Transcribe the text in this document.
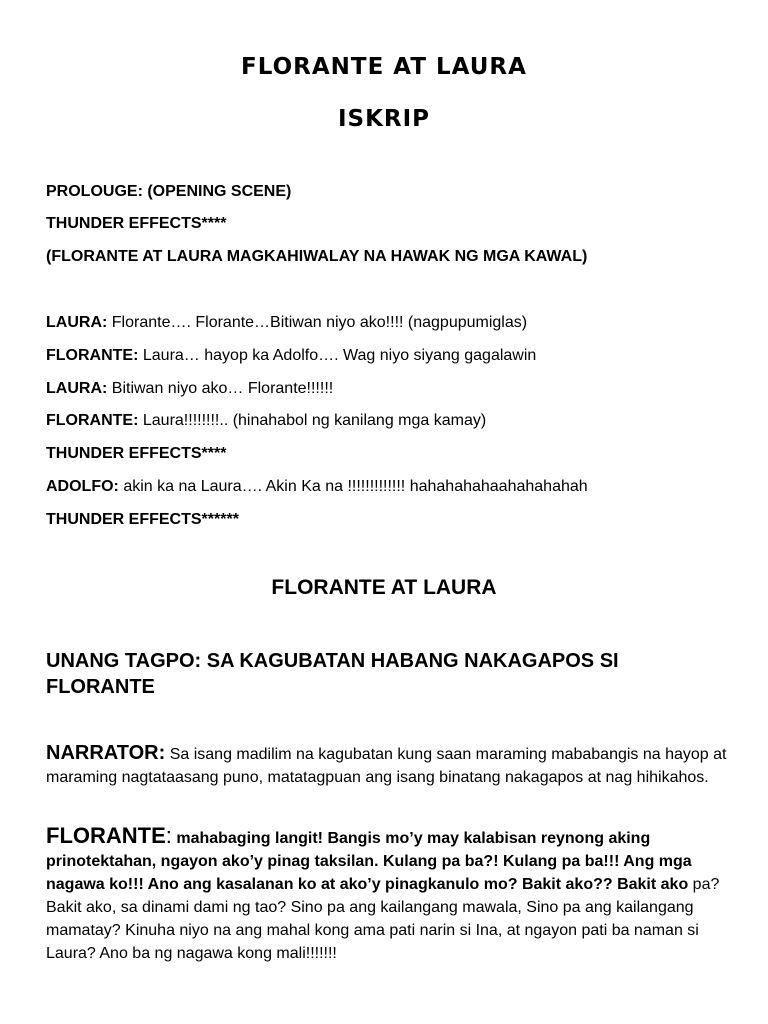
FLORANTE AT LAURA
ISKRIP
PROLOUGE: (OPENING SCENE)
THUNDER EFFECTS****
(FLORANTE AT LAURA MAGKAHIWALAY NA HAWAK NG MGA KAWAL)
LAURA: Florante…. Florante…Bitiwan niyo ako!!!! (nagpupumiglas)
FLORANTE: Laura… hayop ka Adolfo…. Wag niyo siyang gagalawin
LAURA: Bitiwan niyo ako… Florante!!!!!!
FLORANTE: Laura!!!!!!!!.. (hinahabol ng kanilang mga kamay)
THUNDER EFFECTS****
ADOLFO: akin ka na Laura…. Akin Ka na !!!!!!!!!!!!! hahahahahaahahahahah
THUNDER EFFECTS******
FLORANTE AT LAURA
UNANG TAGPO: SA KAGUBATAN HABANG NAKAGAPOS SI FLORANTE
NARRATOR: Sa isang madilim na kagubatan kung saan maraming mababangis na hayop at maraming nagtataasang puno, matatagpuan ang isang binatang nakagapos at nag hihikahos.
FLORANTE: mahabaging langit! Bangis mo’y may kalabisan reynong aking prinotektahan, ngayon ako’y pinag taksilan. Kulang pa ba?! Kulang pa ba!!! Ang mga nagawa ko!!! Ano ang kasalanan ko at ako’y pinagkanulo mo? Bakit ako?? Bakit ako pa? Bakit ako, sa dinami dami ng tao? Sino pa ang kailangang mawala, Sino pa ang kailangang mamatay? Kinuha niyo na ang mahal kong ama pati narin si Ina, at ngayon pati ba naman si Laura? Ano ba ng nagawa kong mali!!!!!!!
